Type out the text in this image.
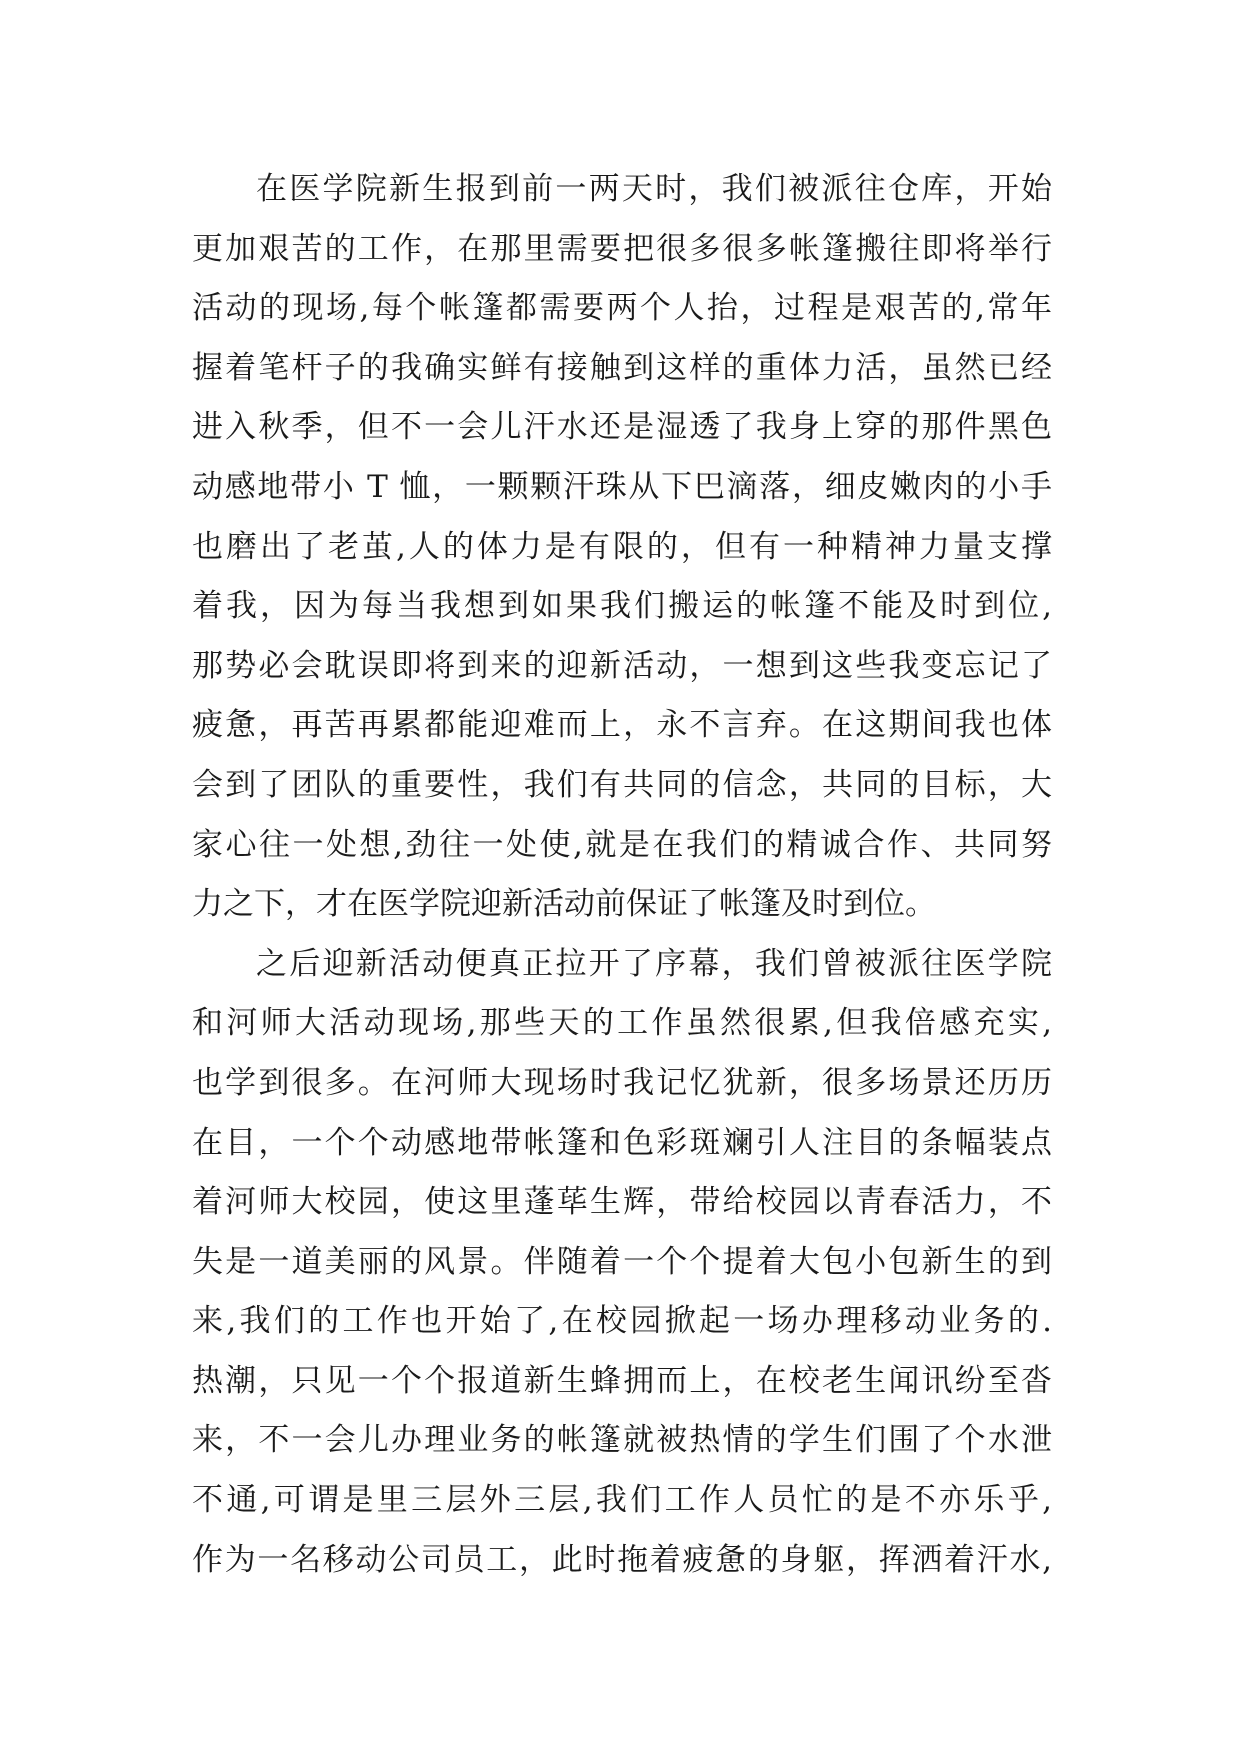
在医学院新生报到前一两天时，我们被派往仓库，开始
更加艰苦的工作，在那里需要把很多很多帐篷搬往即将举行
活动的现场,每个帐篷都需要两个人抬，过程是艰苦的,常年
握着笔杆子的我确实鲜有接触到这样的重体力活，虽然已经
进入秋季，但不一会儿汗水还是湿透了我身上穿的那件黑色
动感地带小 T 恤，一颗颗汗珠从下巴滴落，细皮嫩肉的小手
也磨出了老茧,人的体力是有限的，但有一种精神力量支撑
着我，因为每当我想到如果我们搬运的帐篷不能及时到位,
那势必会耽误即将到来的迎新活动，一想到这些我变忘记了
疲惫，再苦再累都能迎难而上，永不言弃。在这期间我也体
会到了团队的重要性，我们有共同的信念，共同的目标，大
家心往一处想,劲往一处使,就是在我们的精诚合作、共同努
力之下，才在医学院迎新活动前保证了帐篷及时到位。
之后迎新活动便真正拉开了序幕，我们曾被派往医学院
和河师大活动现场,那些天的工作虽然很累,但我倍感充实,
也学到很多。在河师大现场时我记忆犹新，很多场景还历历
在目，一个个动感地带帐篷和色彩斑斓引人注目的条幅装点
着河师大校园，使这里蓬荜生辉，带给校园以青春活力，不
失是一道美丽的风景。伴随着一个个提着大包小包新生的到
来,我们的工作也开始了,在校园掀起一场办理移动业务的.
热潮，只见一个个报道新生蜂拥而上，在校老生闻讯纷至沓
来，不一会儿办理业务的帐篷就被热情的学生们围了个水泄
不通,可谓是里三层外三层,我们工作人员忙的是不亦乐乎,
作为一名移动公司员工，此时拖着疲惫的身躯，挥洒着汗水,
